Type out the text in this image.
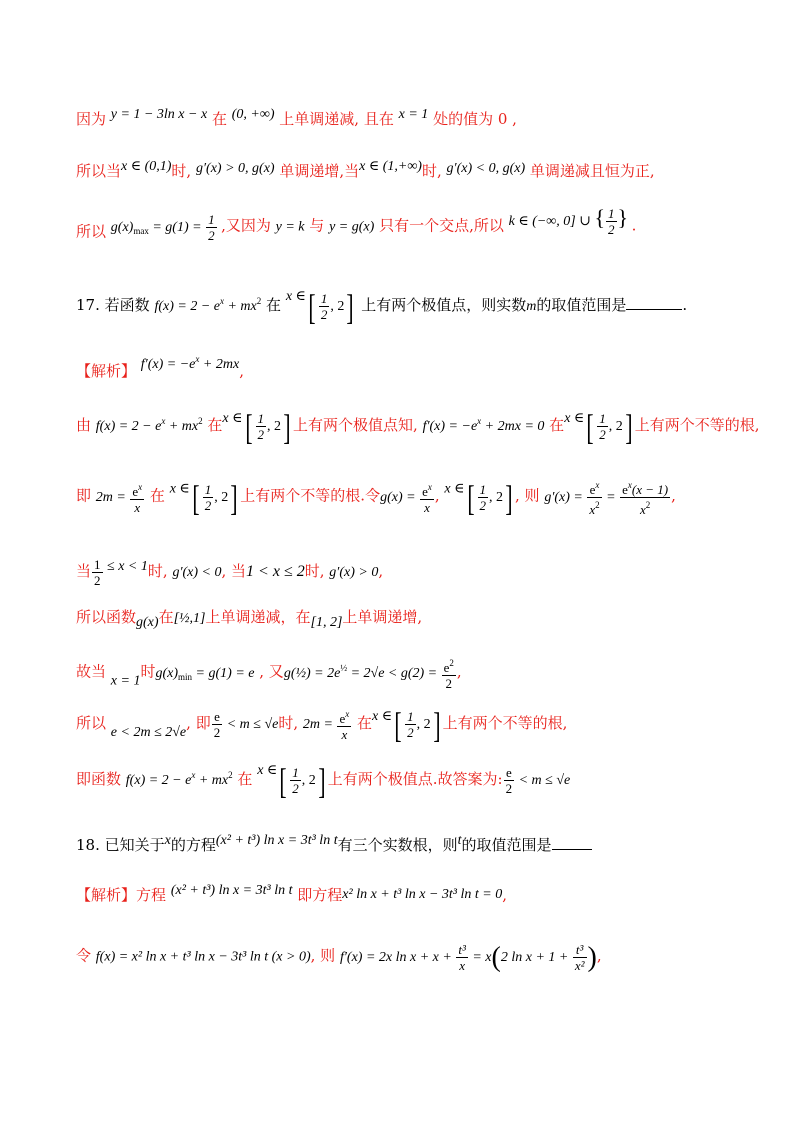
因为 y = 1 − 3ln x − x 在 (0, +∞) 上单调递减, 且在 x = 1 处的值为 0 ,
所以当x ∈ (0,1)时, g′(x) > 0, g(x) 单调递增,当x ∈ (1,+∞)时, g′(x) < 0, g(x) 单调递减且恒为正,
所以 $g(x)_{max} = g(1) = \frac{1}{2}$ ,又因为 y = k 与 y = g(x) 只有一个交点,所以 k ∈ (−∞, 0] ∪ { $\frac{1}{2}$ } .
17. 若函数 $f(x) = 2 - e^x + mx^2$ 在 x ∈[ $\frac{1}{2}$ , 2] 上有两个极值点，则实数m的取值范围是	.
【解析】 $f'(x) = -e^x + 2mx$,
由 $f(x) = 2 - e^x + mx^2$ 在x ∈[ $\frac{1}{2}$ , 2] 上有两个极值点知, $f'(x) = -e^x + 2mx = 0$ 在x ∈[ $\frac{1}{2}$ , 2] 上有两个不等的根,
即 $2m = \frac{e^x}{x}$ 在 x ∈[ $\frac{1}{2}$ , 2] 上有两个不等的根.令$g(x) = \frac{e^x}{x}$ , x ∈[ $\frac{1}{2}$ , 2] , 则 $g'(x) = \frac{e^x}{x^2} = \frac{e^x(x - 1)}{x^2}$ ,
当 $\frac{1}{2} \le x < 1$时, g′(x) < 0, 当1 < x ≤ 2时, g′(x) > 0,
所以函数g(x)在[½,1]上单调递减，在[1, 2]上单调递增,
故当 x = 1时$g(x)_{min} = g(1) = e$ , 又g(½) = $2e^{\frac{1}{2}} = 2√e < g(2) = \frac{e^2}{2}$ ,
所以 e < 2m ≤ 2√e, 即 $\frac{e}{2} < m \le √e$时, $2m = \frac{e^x}{x}$ 在x ∈[ $\frac{1}{2}$ , 2] 上有两个不等的根,
即函数 $f(x) = 2 - e^x + mx^2$ 在 x ∈[ $\frac{1}{2}$ , 2] 上有两个极值点.故答案为: $\frac{e}{2} < m \le √e$
18. 已知关于x的方程(x² + t³) ln x = 3t³ ln t有三个实数根，则t的取值范围是
【解析】方程 (x² + t³) ln x = 3t³ ln t 即方程x² ln x + t³ ln x − 3t³ ln t = 0,
令 f(x) = x² ln x + t³ ln x − 3t³ ln t (x > 0), 则 f′(x) = 2x $\ln x + x + \frac{\text{t³}}{x} = x(2$ $\ln x + 1 + \frac{\text{t³}}{\text{x²}}$ ),
